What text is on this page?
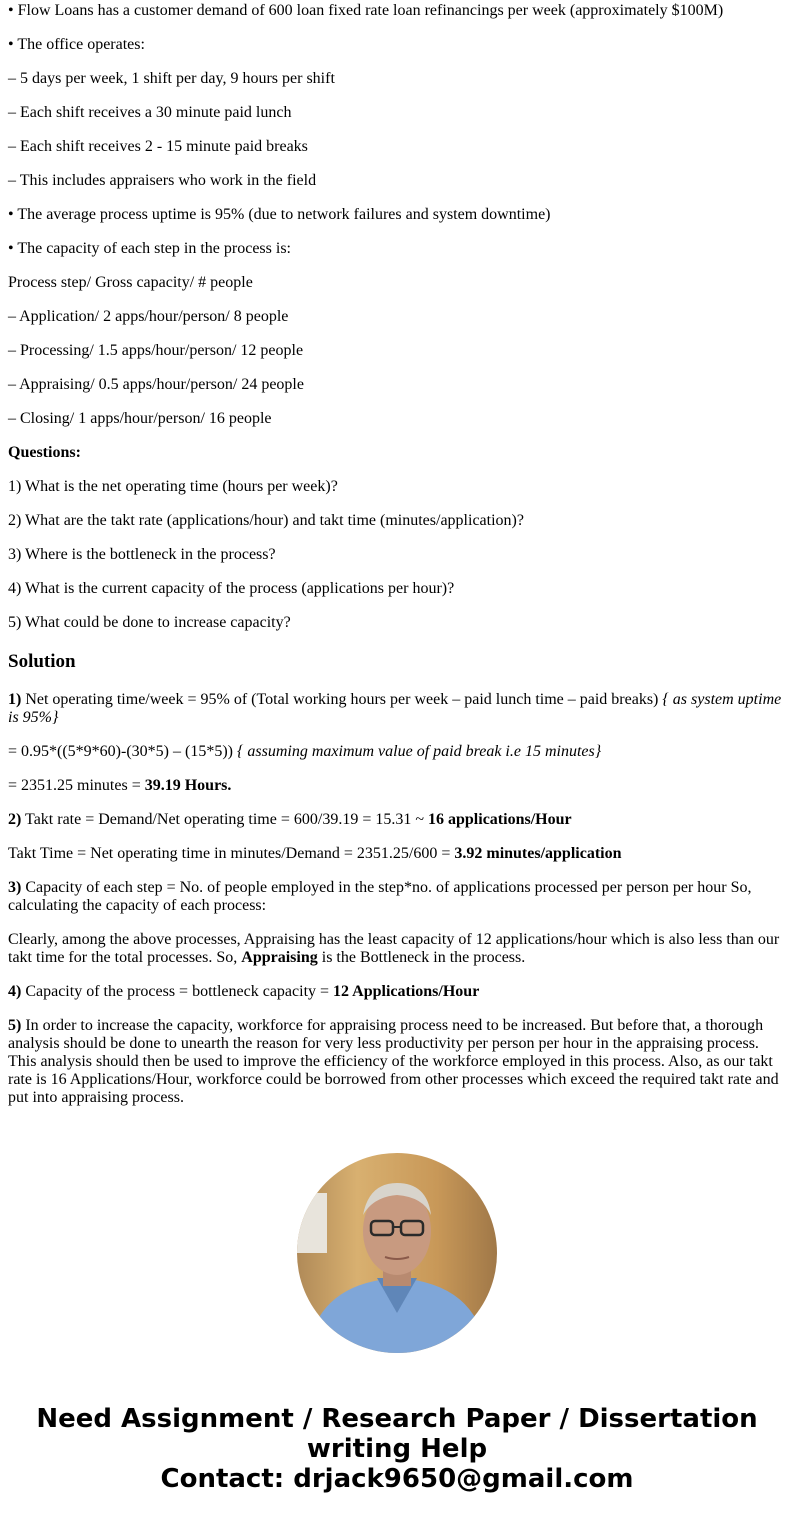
• Flow Loans has a customer demand of 600 loan fixed rate loan refinancings per week (approximately $100M)
• The office operates:
– 5 days per week, 1 shift per day, 9 hours per shift
– Each shift receives a 30 minute paid lunch
– Each shift receives 2 - 15 minute paid breaks
– This includes appraisers who work in the field
• The average process uptime is 95% (due to network failures and system downtime)
• The capacity of each step in the process is:
Process step/ Gross capacity/ # people
– Application/ 2 apps/hour/person/ 8 people
– Processing/ 1.5 apps/hour/person/ 12 people
– Appraising/ 0.5 apps/hour/person/ 24 people
– Closing/ 1 apps/hour/person/ 16 people
Questions:
1) What is the net operating time (hours per week)?
2) What are the takt rate (applications/hour) and takt time (minutes/application)?
3) Where is the bottleneck in the process?
4) What is the current capacity of the process (applications per hour)?
5) What could be done to increase capacity?
Solution
1) Net operating time/week = 95% of (Total working hours per week – paid lunch time – paid breaks) { as system uptime is 95%}
= 0.95*((5*9*60)-(30*5) – (15*5)) { assuming maximum value of paid break i.e 15 minutes}
= 2351.25 minutes = 39.19 Hours.
2) Takt rate = Demand/Net operating time = 600/39.19 = 15.31 ~ 16 applications/Hour
Takt Time = Net operating time in minutes/Demand = 2351.25/600 = 3.92 minutes/application
3) Capacity of each step = No. of people employed in the step*no. of applications processed per person per hour So, calculating the capacity of each process:
Clearly, among the above processes, Appraising has the least capacity of 12 applications/hour which is also less than our takt time for the total processes. So, Appraising is the Bottleneck in the process.
4) Capacity of the process = bottleneck capacity = 12 Applications/Hour
5) In order to increase the capacity, workforce for appraising process need to be increased. But before that, a thorough analysis should be done to unearth the reason for very less productivity per person per hour in the appraising process. This analysis should then be used to improve the efficiency of the workforce employed in this process. Also, as our takt rate is 16 Applications/Hour, workforce could be borrowed from other processes which exceed the required takt rate and put into appraising process.
Need Assignment / Research Paper / Dissertation
writing Help
Contact: drjack9650@gmail.com
